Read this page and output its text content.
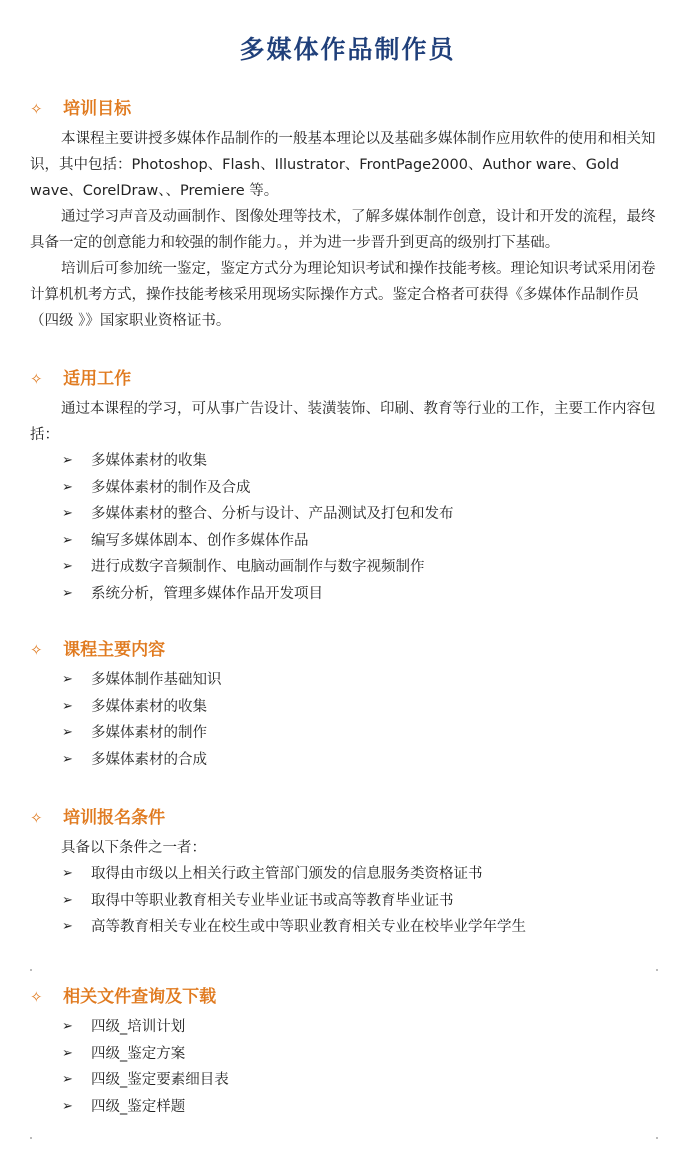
多媒体作品制作员
✧ 培训目标

本课程主要讲授多媒体作品制作的一般基本理论以及基础多媒体制作应用软件的使用和相关知识，其中包括：Photoshop、Flash、Illustrator、FrontPage2000、Author ware、Gold wave、CorelDraw、、Premiere 等。

通过学习声音及动画制作、图像处理等技术，了解多媒体制作创意，设计和开发的流程，最终具备一定的创意能力和较强的制作能力。，并为进一步晋升到更高的级别打下基础。

培训后可参加统一鉴定，鉴定方式分为理论知识考试和操作技能考核。理论知识考试采用闭卷计算机机考方式，操作技能考核采用现场实际操作方式。鉴定合格者可获得《多媒体作品制作员（四级 》》国家职业资格证书。

✧ 适用工作

通过本课程的学习，可从事广告设计、装潢装饰、印刷、教育等行业的工作，主要工作内容包括：

➢ 多媒体素材的收集
➢ 多媒体素材的制作及合成
➢ 多媒体素材的整合、分析与设计、产品测试及打包和发布
➢ 编写多媒体剧本、创作多媒体作品
➢ 进行成数字音频制作、电脑动画制作与数字视频制作
➢ 系统分析，管理多媒体作品开发项目
✧ 课程主要内容
➢ 多媒体制作基础知识
➢ 多媒体素材的收集
➢ 多媒体素材的制作
➢ 多媒体素材的合成
✧ 培训报名条件

具备以下条件之一者：

➢ 取得由市级以上相关行政主管部门颁发的信息服务类资格证书
➢ 取得中等职业教育相关专业毕业证书或高等教育毕业证书
➢ 高等教育相关专业在校生或中等职业教育相关专业在校毕业学年学生
✧ 相关文件查询及下载
➢ 四级_培训计划
➢ 四级_鉴定方案
➢ 四级_鉴定要素细目表
➢ 四级_鉴定样题
